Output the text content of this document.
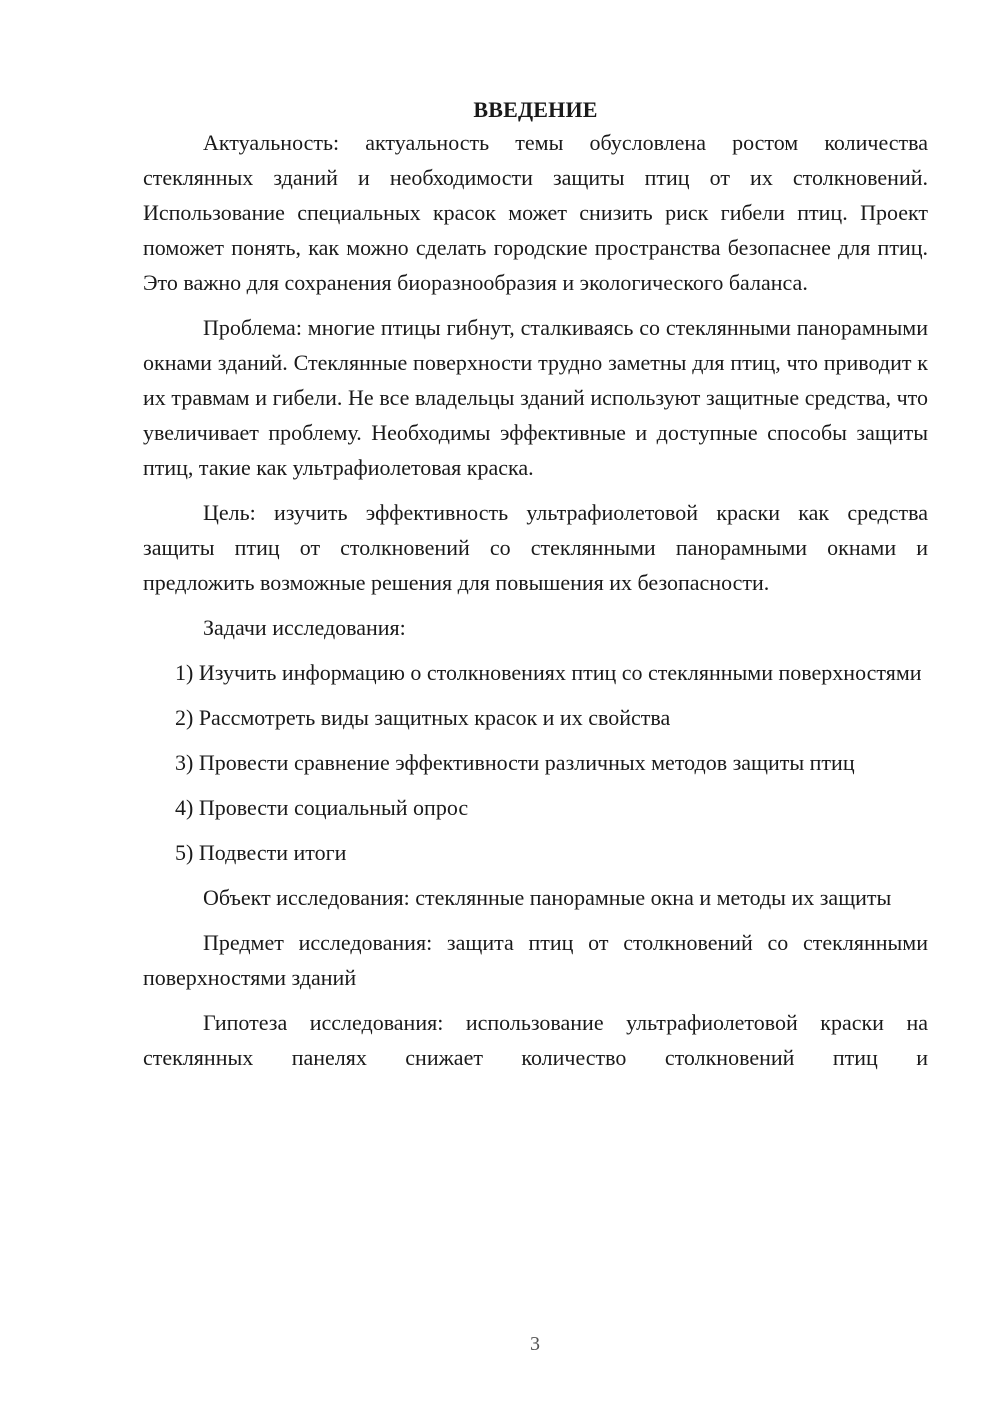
ВВЕДЕНИЕ

Актуальность: актуальность темы обусловлена ростом количества стеклянных зданий и необходимости защиты птиц от их столкновений. Использование специальных красок может снизить риск гибели птиц. Проект поможет понять, как можно сделать городские пространства безопаснее для птиц. Это важно для сохранения биоразнообразия и экологического баланса.

Проблема: многие птицы гибнут, сталкиваясь со стеклянными панорамными окнами зданий. Стеклянные поверхности трудно заметны для птиц, что приводит к их травмам и гибели. Не все владельцы зданий используют защитные средства, что увеличивает проблему. Необходимы эффективные и доступные способы защиты птиц, такие как ультрафиолетовая краска.

Цель: изучить эффективность ультрафиолетовой краски как средства защиты птиц от столкновений со стеклянными панорамными окнами и предложить возможные решения для повышения их безопасности.

Задачи исследования:

1) Изучить информацию о столкновениях птиц со стеклянными поверхностями

2) Рассмотреть виды защитных красок и их свойства

3) Провести сравнение эффективности различных методов защиты птиц

4) Провести социальный опрос

5) Подвести итоги

Объект исследования: стеклянные панорамные окна и методы их защиты

Предмет исследования: защита птиц от столкновений со стеклянными поверхностями зданий

Гипотеза исследования: использование ультрафиолетовой краски на стеклянных панелях снижает количество столкновений птиц и

3
